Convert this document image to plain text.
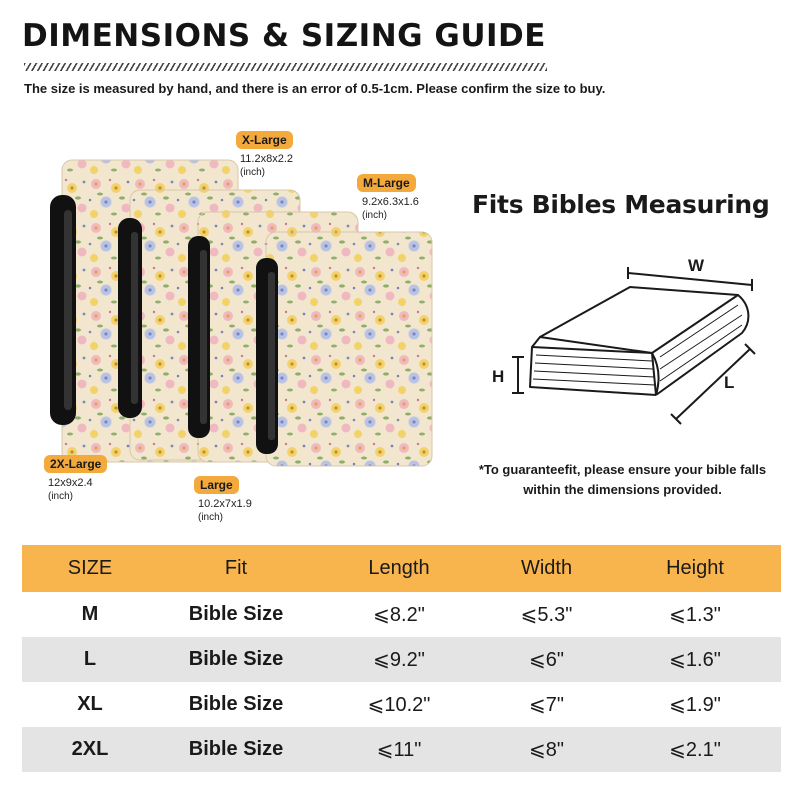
DIMENSIONS & SIZING GUIDE
The size is measured by hand, and there is an error of 0.5-1cm. Please confirm the size to buy.
X-Large
11.2x8x2.2
(inch)
M-Large
9.2x6.3x1.6
(inch)
2X-Large
12x9x2.4
(inch)
Large
10.2x7x1.9
(inch)
Fits Bibles Measuring
W
H	L
*To guaranteefit, please ensure your bible falls
within the dimensions provided.
SIZE	Fit	Length	Width	Height
M	Bible Size	⩽8.2"	⩽5.3"	⩽1.3"
L	Bible Size	⩽9.2"	⩽6"	⩽1.6"
XL	Bible Size	⩽10.2"	⩽7"	⩽1.9"
2XL	Bible Size	⩽11"	⩽8"	⩽2.1"
